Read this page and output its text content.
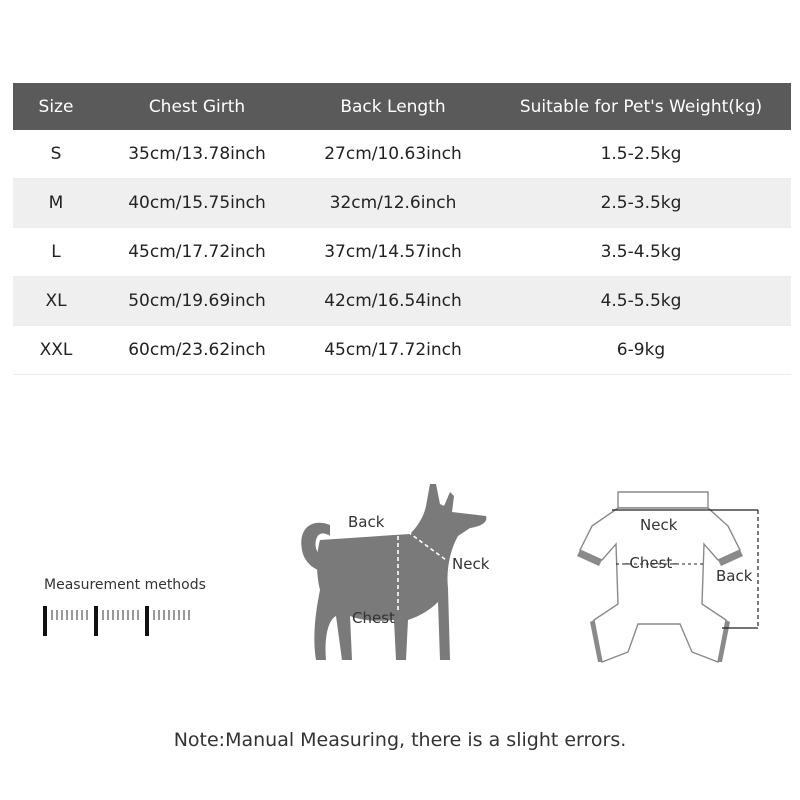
Size	Chest Girth	Back Length	Suitable for Pet's Weight(kg)
S	35cm/13.78inch	27cm/10.63inch	1.5-2.5kg
M	40cm/15.75inch	32cm/12.6inch	2.5-3.5kg
L	45cm/17.72inch	37cm/14.57inch	3.5-4.5kg
XL	50cm/19.69inch	42cm/16.54inch	4.5-5.5kg
XXL	60cm/23.62inch	45cm/17.72inch	6-9kg
Measurement methods
Back
Neck
Chest
Neck
-Chest-
Back
Note:Manual Measuring, there is a slight errors.
